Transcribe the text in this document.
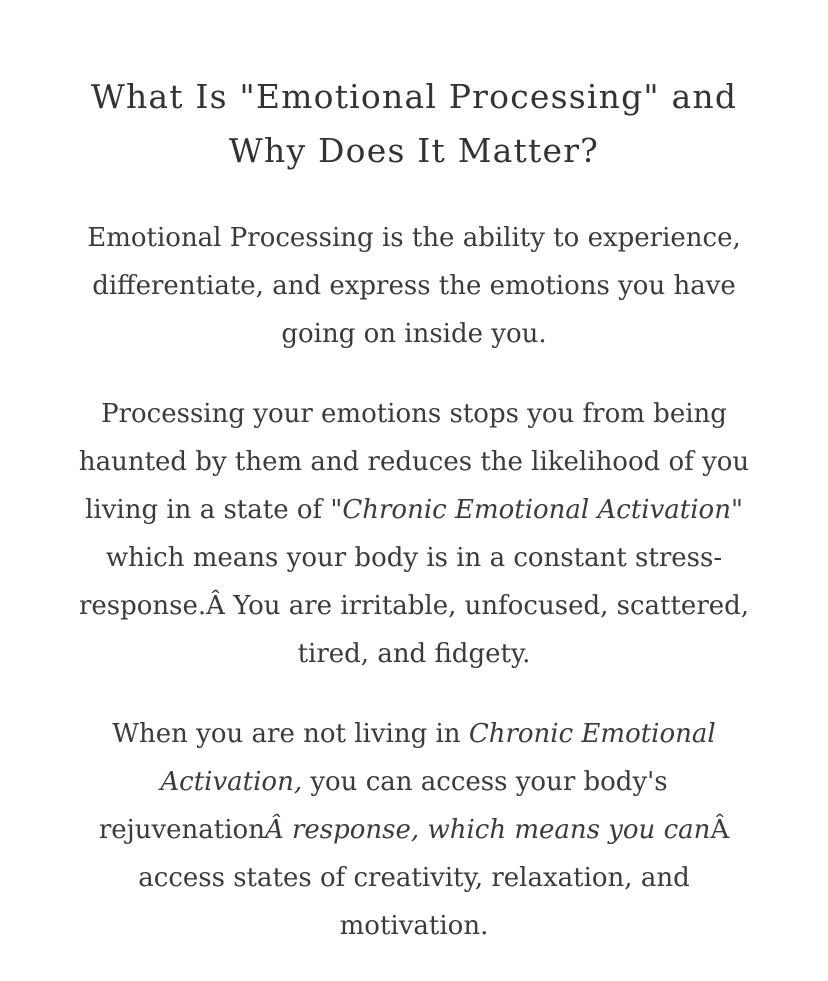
What Is "Emotional Processing" and
Why Does It Matter?

Emotional Processing is the ability to experience, differentiate, and express the emotions you have going on inside you.

Processing your emotions stops you from being haunted by them and reduces the likelihood of you living in a state of "Chronic Emotional Activation" which means your body is in a constant stress-response.Â You are irritable, unfocused, scattered, tired, and fidgety.

When you are not living in Chronic Emotional Activation, you can access your body's rejuvenationÂ response, which means you canÂ access states of creativity, relaxation, and motivation.
